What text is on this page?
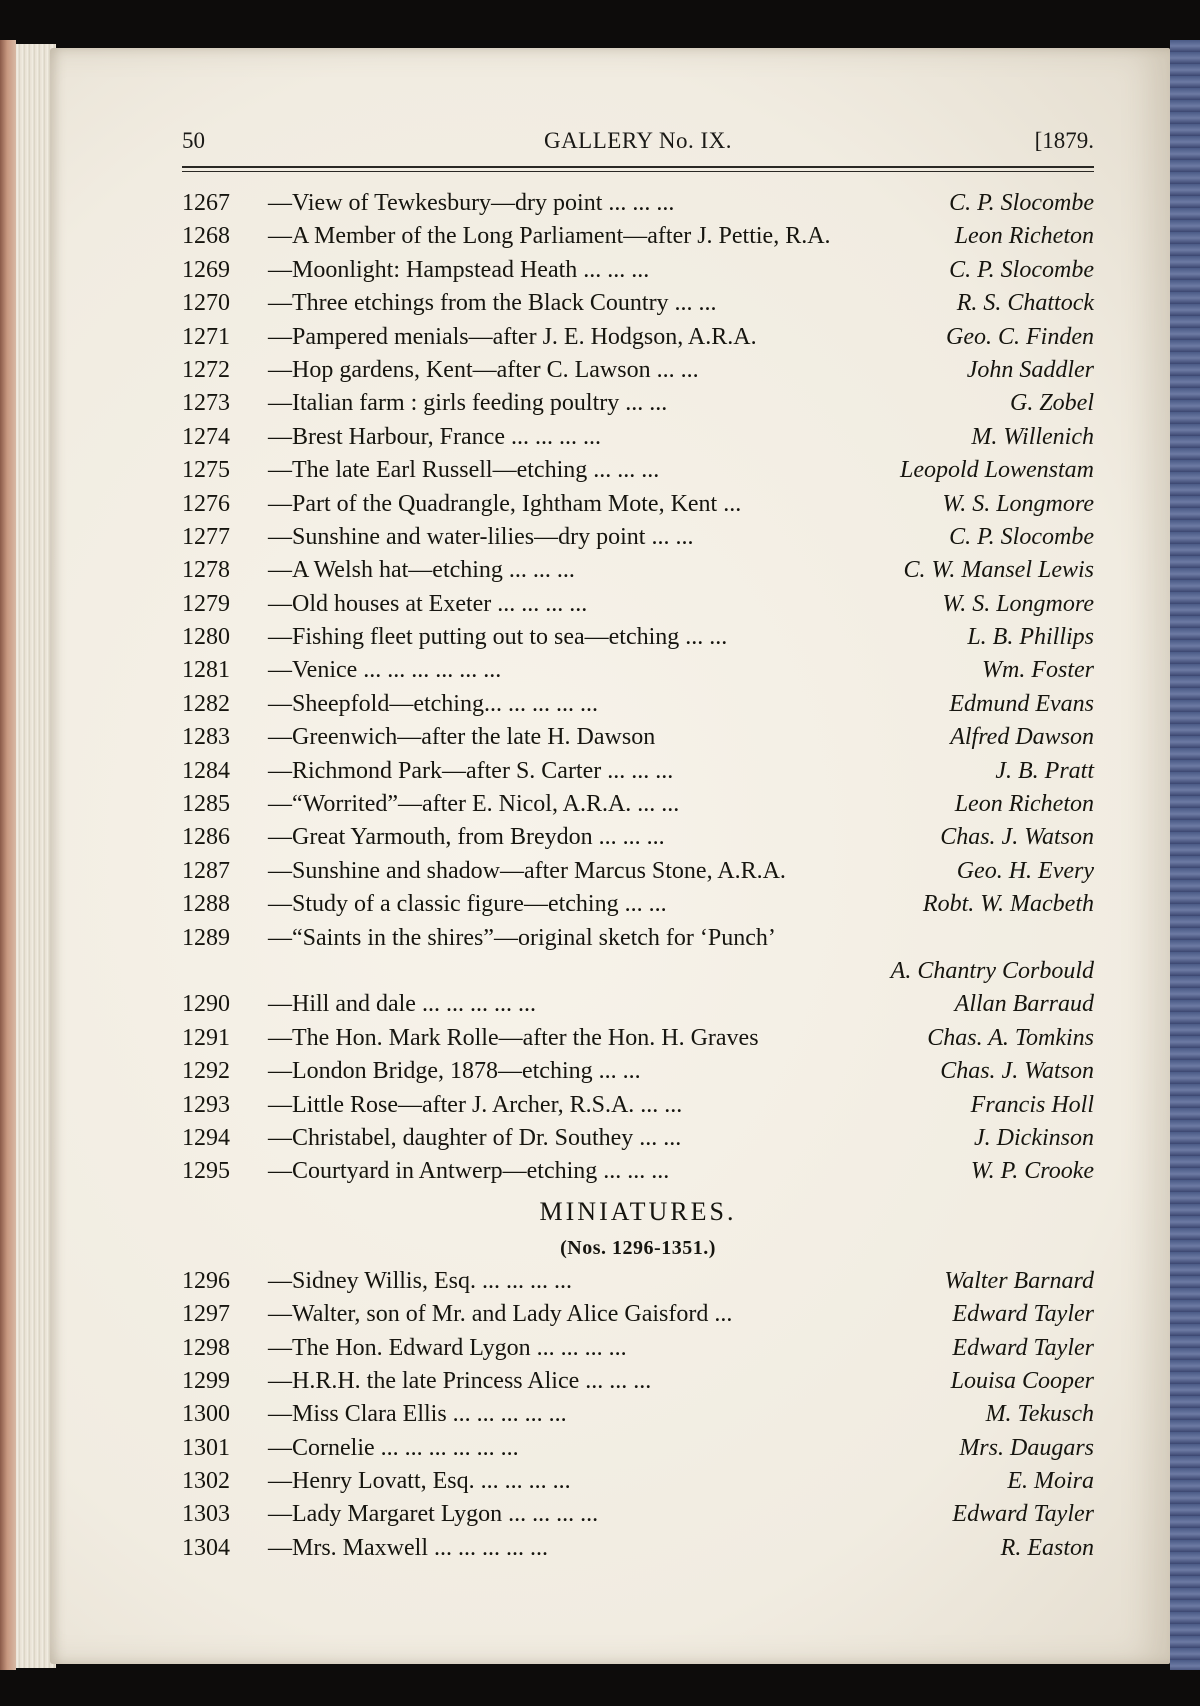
50	GALLERY No. IX.	[1879.
1267 —View of Tewkesbury—dry point ... ... ...	C. P. Slocombe
1268 —A Member of the Long Parliament—after J. Pettie, R.A.	Leon Richeton
1269 —Moonlight: Hampstead Heath ... ... ...	C. P. Slocombe
1270 —Three etchings from the Black Country ... ...	R. S. Chattock
1271 —Pampered menials—after J. E. Hodgson, A.R.A.	Geo. C. Finden
1272 —Hop gardens, Kent—after C. Lawson ... ...	John Saddler
1273 —Italian farm : girls feeding poultry ... ...	G. Zobel
1274 —Brest Harbour, France ... ... ... ...	M. Willenich
1275 —The late Earl Russell—etching ... ... ...	Leopold Lowenstam
1276 —Part of the Quadrangle, Ightham Mote, Kent ...	W. S. Longmore
1277 —Sunshine and water-lilies—dry point ... ...	C. P. Slocombe
1278 —A Welsh hat—etching ... ... ...	C. W. Mansel Lewis
1279 —Old houses at Exeter ... ... ... ...	W. S. Longmore
1280 —Fishing fleet putting out to sea—etching ... ...	L. B. Phillips
1281 —Venice ... ... ... ... ... ...	Wm. Foster
1282 —Sheepfold—etching... ... ... ... ...	Edmund Evans
1283 —Greenwich—after the late H. Dawson	Alfred Dawson
1284 —Richmond Park—after S. Carter ... ... ...	J. B. Pratt
1285 —“Worrited”—after E. Nicol, A.R.A. ... ...	Leon Richeton
1286 —Great Yarmouth, from Breydon ... ... ...	Chas. J. Watson
1287 —Sunshine and shadow—after Marcus Stone, A.R.A.	Geo. H. Every
1288 —Study of a classic figure—etching ... ...	Robt. W. Macbeth
1289 —“Saints in the shires”—original sketch for ‘Punch’
A. Chantry Corbould
1290 —Hill and dale ... ... ... ... ...	Allan Barraud
1291 —The Hon. Mark Rolle—after the Hon. H. Graves	Chas. A. Tomkins
1292 —London Bridge, 1878—etching ... ...	Chas. J. Watson
1293 —Little Rose—after J. Archer, R.S.A. ... ...	Francis Holl
1294 —Christabel, daughter of Dr. Southey ... ...	J. Dickinson
1295 —Courtyard in Antwerp—etching ... ... ...	W. P. Crooke
MINIATURES.
(Nos. 1296-1351.)
1296 —Sidney Willis, Esq. ... ... ... ...	Walter Barnard
1297 —Walter, son of Mr. and Lady Alice Gaisford ...	Edward Tayler
1298 —The Hon. Edward Lygon ... ... ... ...	Edward Tayler
1299 —H.R.H. the late Princess Alice ... ... ...	Louisa Cooper
1300 —Miss Clara Ellis ... ... ... ... ...	M. Tekusch
1301 —Cornelie ... ... ... ... ... ...	Mrs. Daugars
1302 —Henry Lovatt, Esq. ... ... ... ...	E. Moira
1303 —Lady Margaret Lygon ... ... ... ...	Edward Tayler
1304 —Mrs. Maxwell ... ... ... ... ...	R. Easton
